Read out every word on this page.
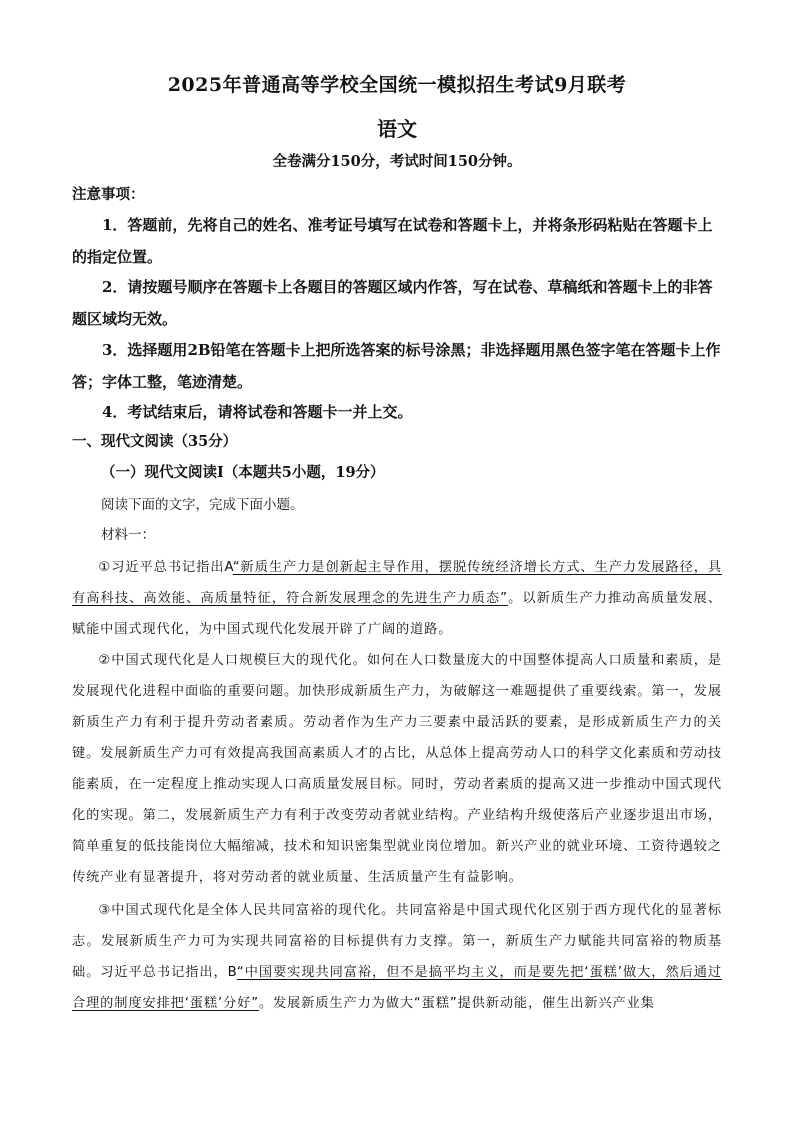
2025年普通高等学校全国统一模拟招生考试9月联考
语文
全卷满分150分，考试时间150分钟。
注意事项：

1．答题前，先将自己的姓名、准考证号填写在试卷和答题卡上，并将条形码粘贴在答题卡上的指定位置。

2．请按题号顺序在答题卡上各题目的答题区域内作答，写在试卷、草稿纸和答题卡上的非答题区域均无效。

3．选择题用2B铅笔在答题卡上把所选答案的标号涂黑；非选择题用黑色签字笔在答题卡上作答；字体工整，笔迹清楚。

4．考试结束后，请将试卷和答题卡一并上交。

一、现代文阅读（35分）
（一）现代文阅读Ⅰ（本题共5小题，19分）
阅读下面的文字，完成下面小题。
材料一：

①习近平总书记指出A“新质生产力是创新起主导作用，摆脱传统经济增长方式、生产力发展路径，具有高科技、高效能、高质量特征，符合新发展理念的先进生产力质态”。以新质生产力推动高质量发展、赋能中国式现代化，为中国式现代化发展开辟了广阔的道路。

②中国式现代化是人口规模巨大的现代化。如何在人口数量庞大的中国整体提高人口质量和素质，是发展现代化进程中面临的重要问题。加快形成新质生产力，为破解这一难题提供了重要线索。第一，发展新质生产力有利于提升劳动者素质。劳动者作为生产力三要素中最活跃的要素，是形成新质生产力的关键。发展新质生产力可有效提高我国高素质人才的占比，从总体上提高劳动人口的科学文化素质和劳动技能素质，在一定程度上推动实现人口高质量发展目标。同时，劳动者素质的提高又进一步推动中国式现代化的实现。第二，发展新质生产力有利于改变劳动者就业结构。产业结构升级使落后产业逐步退出市场，简单重复的低技能岗位大幅缩减，技术和知识密集型就业岗位增加。新兴产业的就业环境、工资待遇较之传统产业有显著提升，将对劳动者的就业质量、生活质量产生有益影响。

③中国式现代化是全体人民共同富裕的现代化。共同富裕是中国式现代化区别于西方现代化的显著标志。发展新质生产力可为实现共同富裕的目标提供有力支撑。第一，新质生产力赋能共同富裕的物质基础。习近平总书记指出，B“中国要实现共同富裕，但不是搞平均主义，而是要先把‘蛋糕’做大，然后通过合理的制度安排把‘蛋糕’分好”。发展新质生产力为做大“蛋糕”提供新动能，催生出新兴产业集
